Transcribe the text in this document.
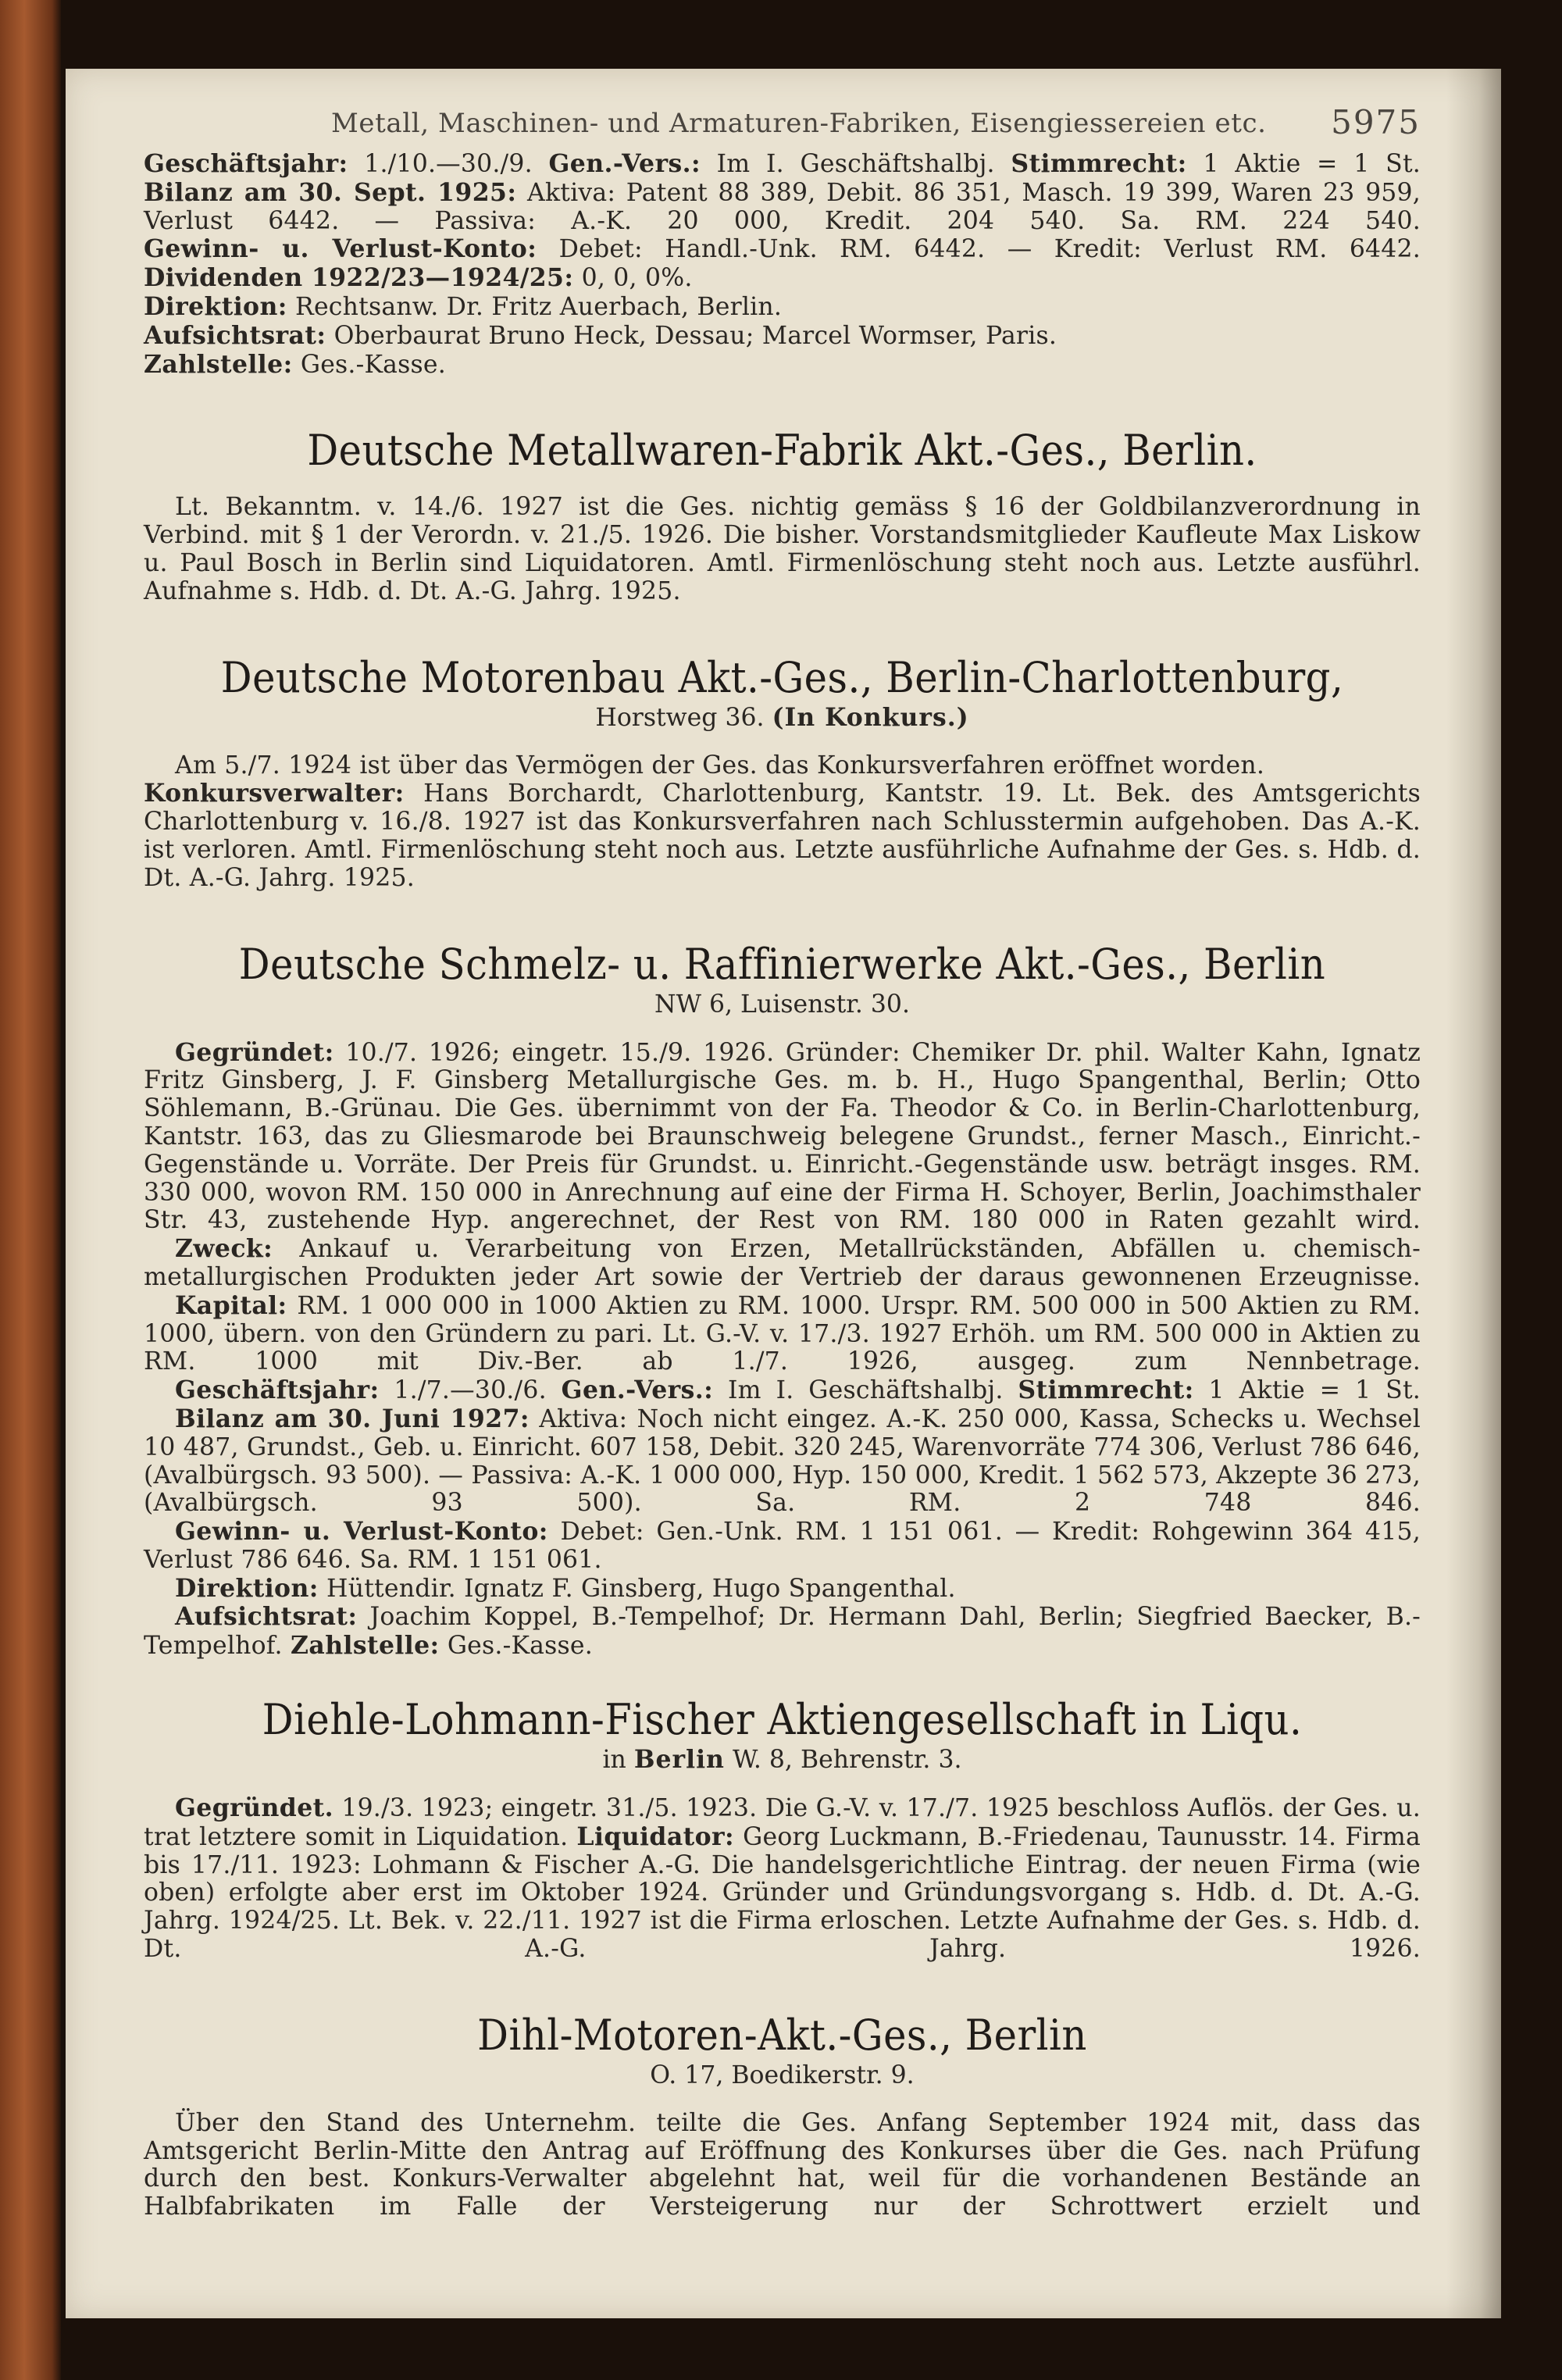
Metall, Maschinen- und Armaturen-Fabriken, Eisengiessereien etc. 5975

Geschäftsjahr: 1./10.—30./9. Gen.-Vers.: Im I. Geschäftshalbj. Stimmrecht: 1 Aktie = 1 St.

Bilanz am 30. Sept. 1925: Aktiva: Patent 88 389, Debit. 86 351, Masch. 19 399, Waren 23 959, Verlust 6442. — Passiva: A.-K. 20 000, Kredit. 204 540. Sa. RM. 224 540.

Gewinn- u. Verlust-Konto: Debet: Handl.-Unk. RM. 6442. — Kredit: Verlust RM. 6442.

Dividenden 1922/23—1924/25: 0, 0, 0%.

Direktion: Rechtsanw. Dr. Fritz Auerbach, Berlin.

Aufsichtsrat: Oberbaurat Bruno Heck, Dessau; Marcel Wormser, Paris.

Zahlstelle: Ges.-Kasse.

Deutsche Metallwaren-Fabrik Akt.-Ges., Berlin.

Lt. Bekanntm. v. 14./6. 1927 ist die Ges. nichtig gemäss § 16 der Goldbilanzverordnung in Verbind. mit § 1 der Verordn. v. 21./5. 1926. Die bisher. Vorstandsmitglieder Kaufleute Max Liskow u. Paul Bosch in Berlin sind Liquidatoren. Amtl. Firmenlöschung steht noch aus. Letzte ausführl. Aufnahme s. Hdb. d. Dt. A.-G. Jahrg. 1925.

Deutsche Motorenbau Akt.-Ges., Berlin-Charlottenburg,
Horstweg 36. (In Konkurs.)

Am 5./7. 1924 ist über das Vermögen der Ges. das Konkursverfahren eröffnet worden.

Konkursverwalter: Hans Borchardt, Charlottenburg, Kantstr. 19. Lt. Bek. des Amtsgerichts Charlottenburg v. 16./8. 1927 ist das Konkursverfahren nach Schlusstermin aufgehoben. Das A.-K. ist verloren. Amtl. Firmenlöschung steht noch aus. Letzte ausführliche Aufnahme der Ges. s. Hdb. d. Dt. A.-G. Jahrg. 1925.

Deutsche Schmelz- u. Raffinierwerke Akt.-Ges., Berlin
NW 6, Luisenstr. 30.

Gegründet: 10./7. 1926; eingetr. 15./9. 1926. Gründer: Chemiker Dr. phil. Walter Kahn, Ignatz Fritz Ginsberg, J. F. Ginsberg Metallurgische Ges. m. b. H., Hugo Spangenthal, Berlin; Otto Söhlemann, B.-Grünau. Die Ges. übernimmt von der Fa. Theodor & Co. in Berlin-Charlottenburg, Kantstr. 163, das zu Gliesmarode bei Braunschweig belegene Grundst., ferner Masch., Einricht.-Gegenstände u. Vorräte. Der Preis für Grundst. u. Einricht.-Gegenstände usw. beträgt insges. RM. 330 000, wovon RM. 150 000 in Anrechnung auf eine der Firma H. Schoyer, Berlin, Joachimsthaler Str. 43, zustehende Hyp. angerechnet, der Rest von RM. 180 000 in Raten gezahlt wird.

Zweck: Ankauf u. Verarbeitung von Erzen, Metallrückständen, Abfällen u. chemisch-metallurgischen Produkten jeder Art sowie der Vertrieb der daraus gewonnenen Erzeugnisse.

Kapital: RM. 1 000 000 in 1000 Aktien zu RM. 1000. Urspr. RM. 500 000 in 500 Aktien zu RM. 1000, übern. von den Gründern zu pari. Lt. G.-V. v. 17./3. 1927 Erhöh. um RM. 500 000 in Aktien zu RM. 1000 mit Div.-Ber. ab 1./7. 1926, ausgeg. zum Nennbetrage.

Geschäftsjahr: 1./7.—30./6. Gen.-Vers.: Im I. Geschäftshalbj. Stimmrecht: 1 Aktie = 1 St.

Bilanz am 30. Juni 1927: Aktiva: Noch nicht eingez. A.-K. 250 000, Kassa, Schecks u. Wechsel 10 487, Grundst., Geb. u. Einricht. 607 158, Debit. 320 245, Warenvorräte 774 306, Verlust 786 646, (Avalbürgsch. 93 500). — Passiva: A.-K. 1 000 000, Hyp. 150 000, Kredit. 1 562 573, Akzepte 36 273, (Avalbürgsch. 93 500). Sa. RM. 2 748 846.

Gewinn- u. Verlust-Konto: Debet: Gen.-Unk. RM. 1 151 061. — Kredit: Rohgewinn 364 415, Verlust 786 646. Sa. RM. 1 151 061.

Direktion: Hüttendir. Ignatz F. Ginsberg, Hugo Spangenthal.

Aufsichtsrat: Joachim Koppel, B.-Tempelhof; Dr. Hermann Dahl, Berlin; Siegfried Baecker, B.-Tempelhof. Zahlstelle: Ges.-Kasse.

Diehle-Lohmann-Fischer Aktiengesellschaft in Liqu.
in Berlin W. 8, Behrenstr. 3.

Gegründet. 19./3. 1923; eingetr. 31./5. 1923. Die G.-V. v. 17./7. 1925 beschloss Auflös. der Ges. u. trat letztere somit in Liquidation. Liquidator: Georg Luckmann, B.-Friedenau, Taunusstr. 14. Firma bis 17./11. 1923: Lohmann & Fischer A.-G. Die handelsgerichtliche Eintrag. der neuen Firma (wie oben) erfolgte aber erst im Oktober 1924. Gründer und Gründungsvorgang s. Hdb. d. Dt. A.-G. Jahrg. 1924/25. Lt. Bek. v. 22./11. 1927 ist die Firma erloschen. Letzte Aufnahme der Ges. s. Hdb. d. Dt. A.-G. Jahrg. 1926.

Dihl-Motoren-Akt.-Ges., Berlin
O. 17, Boedikerstr. 9.

Über den Stand des Unternehm. teilte die Ges. Anfang September 1924 mit, dass das Amtsgericht Berlin-Mitte den Antrag auf Eröffnung des Konkurses über die Ges. nach Prüfung durch den best. Konkurs-Verwalter abgelehnt hat, weil für die vorhandenen Bestände an Halbfabrikaten im Falle der Versteigerung nur der Schrottwert erzielt und
